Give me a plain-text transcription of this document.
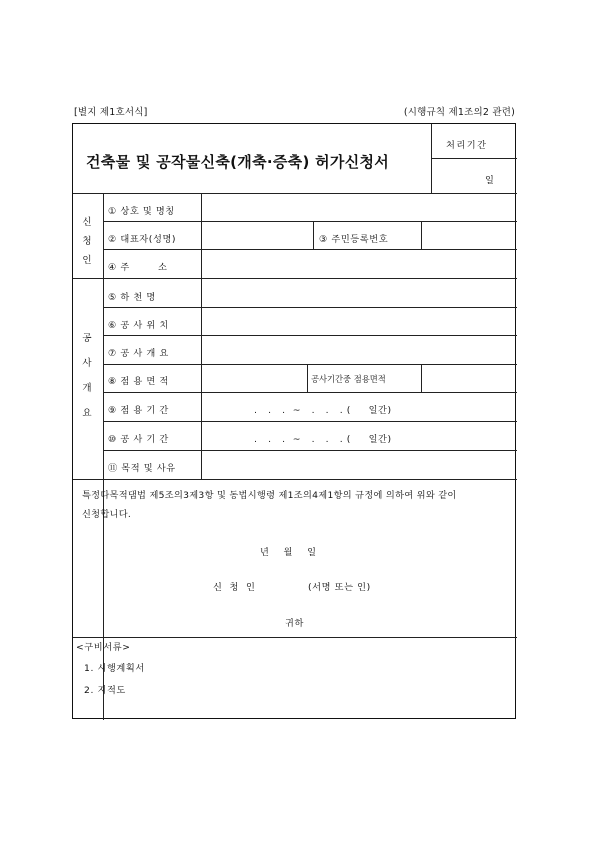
[별지 제1호서식]	(시행규칙 제1조의2 관련)
건축물 및 공작물신축(개축·증축) 허가신청서
처리기간
일
신
청
인
① 상호 및 명칭
② 대표자(성명)	③ 주민등록번호
④ 주        소
공
사
개
요
⑤ 하 천 명
⑥ 공 사 위 치
⑦ 공 사 개 요
⑧ 점 용 면 적	공사기간중 점용면적
⑨ 점 용 기 간	.   .   .  ~   .   .   . (     일간)
⑩ 공 사 기 간	.   .   .  ~   .   .   . (     일간)
⑪ 목적 및 사유
특정다목적댐법 제5조의3제3항 및 동법시행령 제1조의4제1항의 규정에 의하여 위와 같이
신청합니다.
년    월    일
신  청  인	(서명 또는 인)
귀하
<구비서류>
1. 시행계획서
2. 지적도
